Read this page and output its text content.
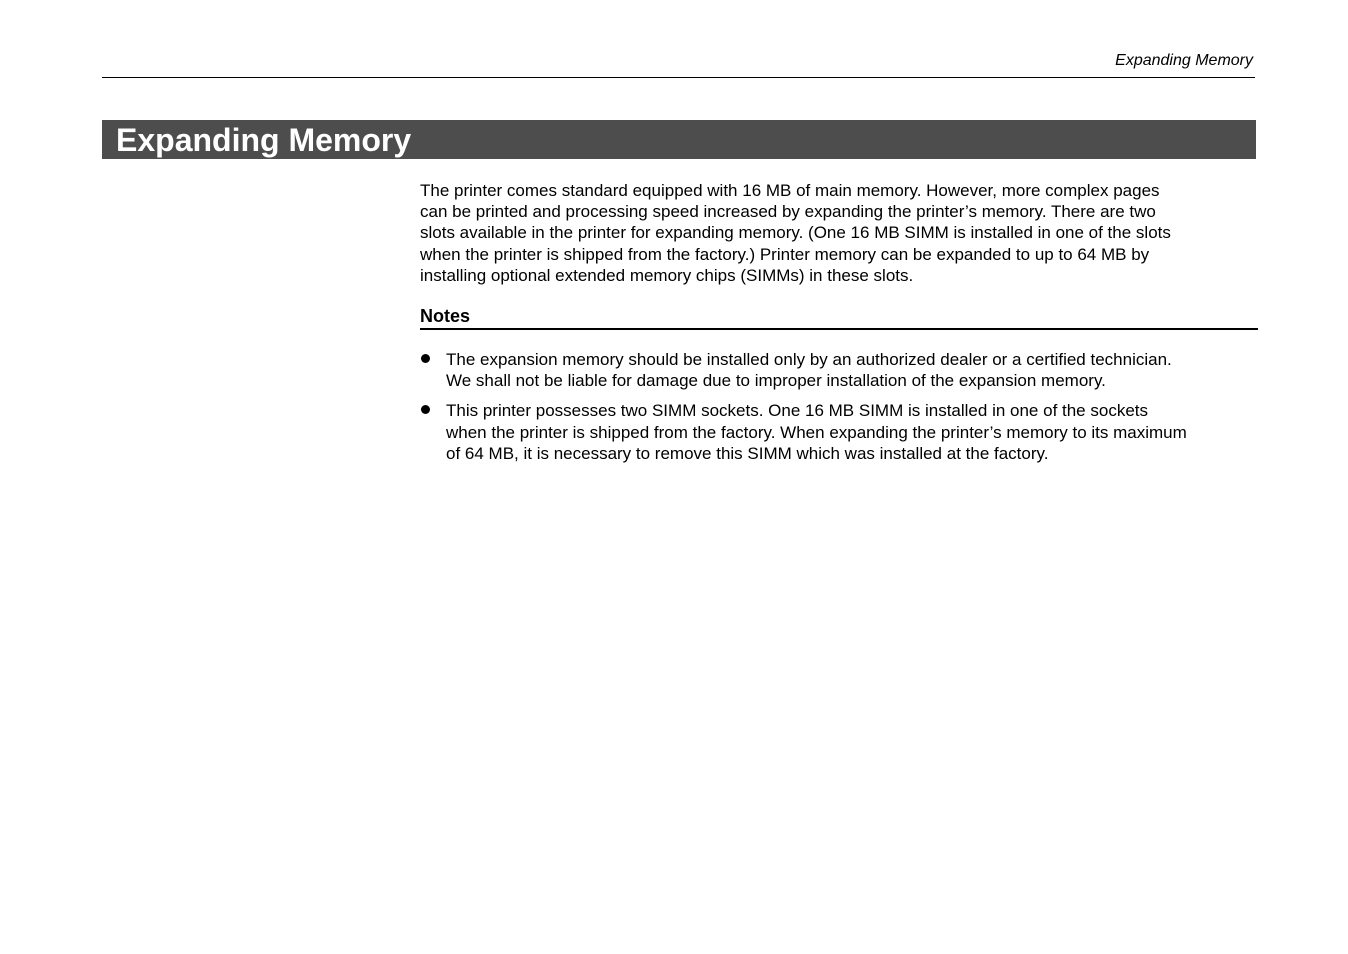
Expanding Memory
Expanding Memory

The printer comes standard equipped with 16 MB of main memory. However, more complex pages
can be printed and processing speed increased by expanding the printer’s memory. There are two
slots available in the printer for expanding memory. (One 16 MB SIMM is installed in one of the slots
when the printer is shipped from the factory.) Printer memory can be expanded to up to 64 MB by
installing optional extended memory chips (SIMMs) in these slots.

Notes
The expansion memory should be installed only by an authorized dealer or a certified technician.
We shall not be liable for damage due to improper installation of the expansion memory.
This printer possesses two SIMM sockets. One 16 MB SIMM is installed in one of the sockets
when the printer is shipped from the factory. When expanding the printer’s memory to its maximum
of 64 MB, it is necessary to remove this SIMM which was installed at the factory.
